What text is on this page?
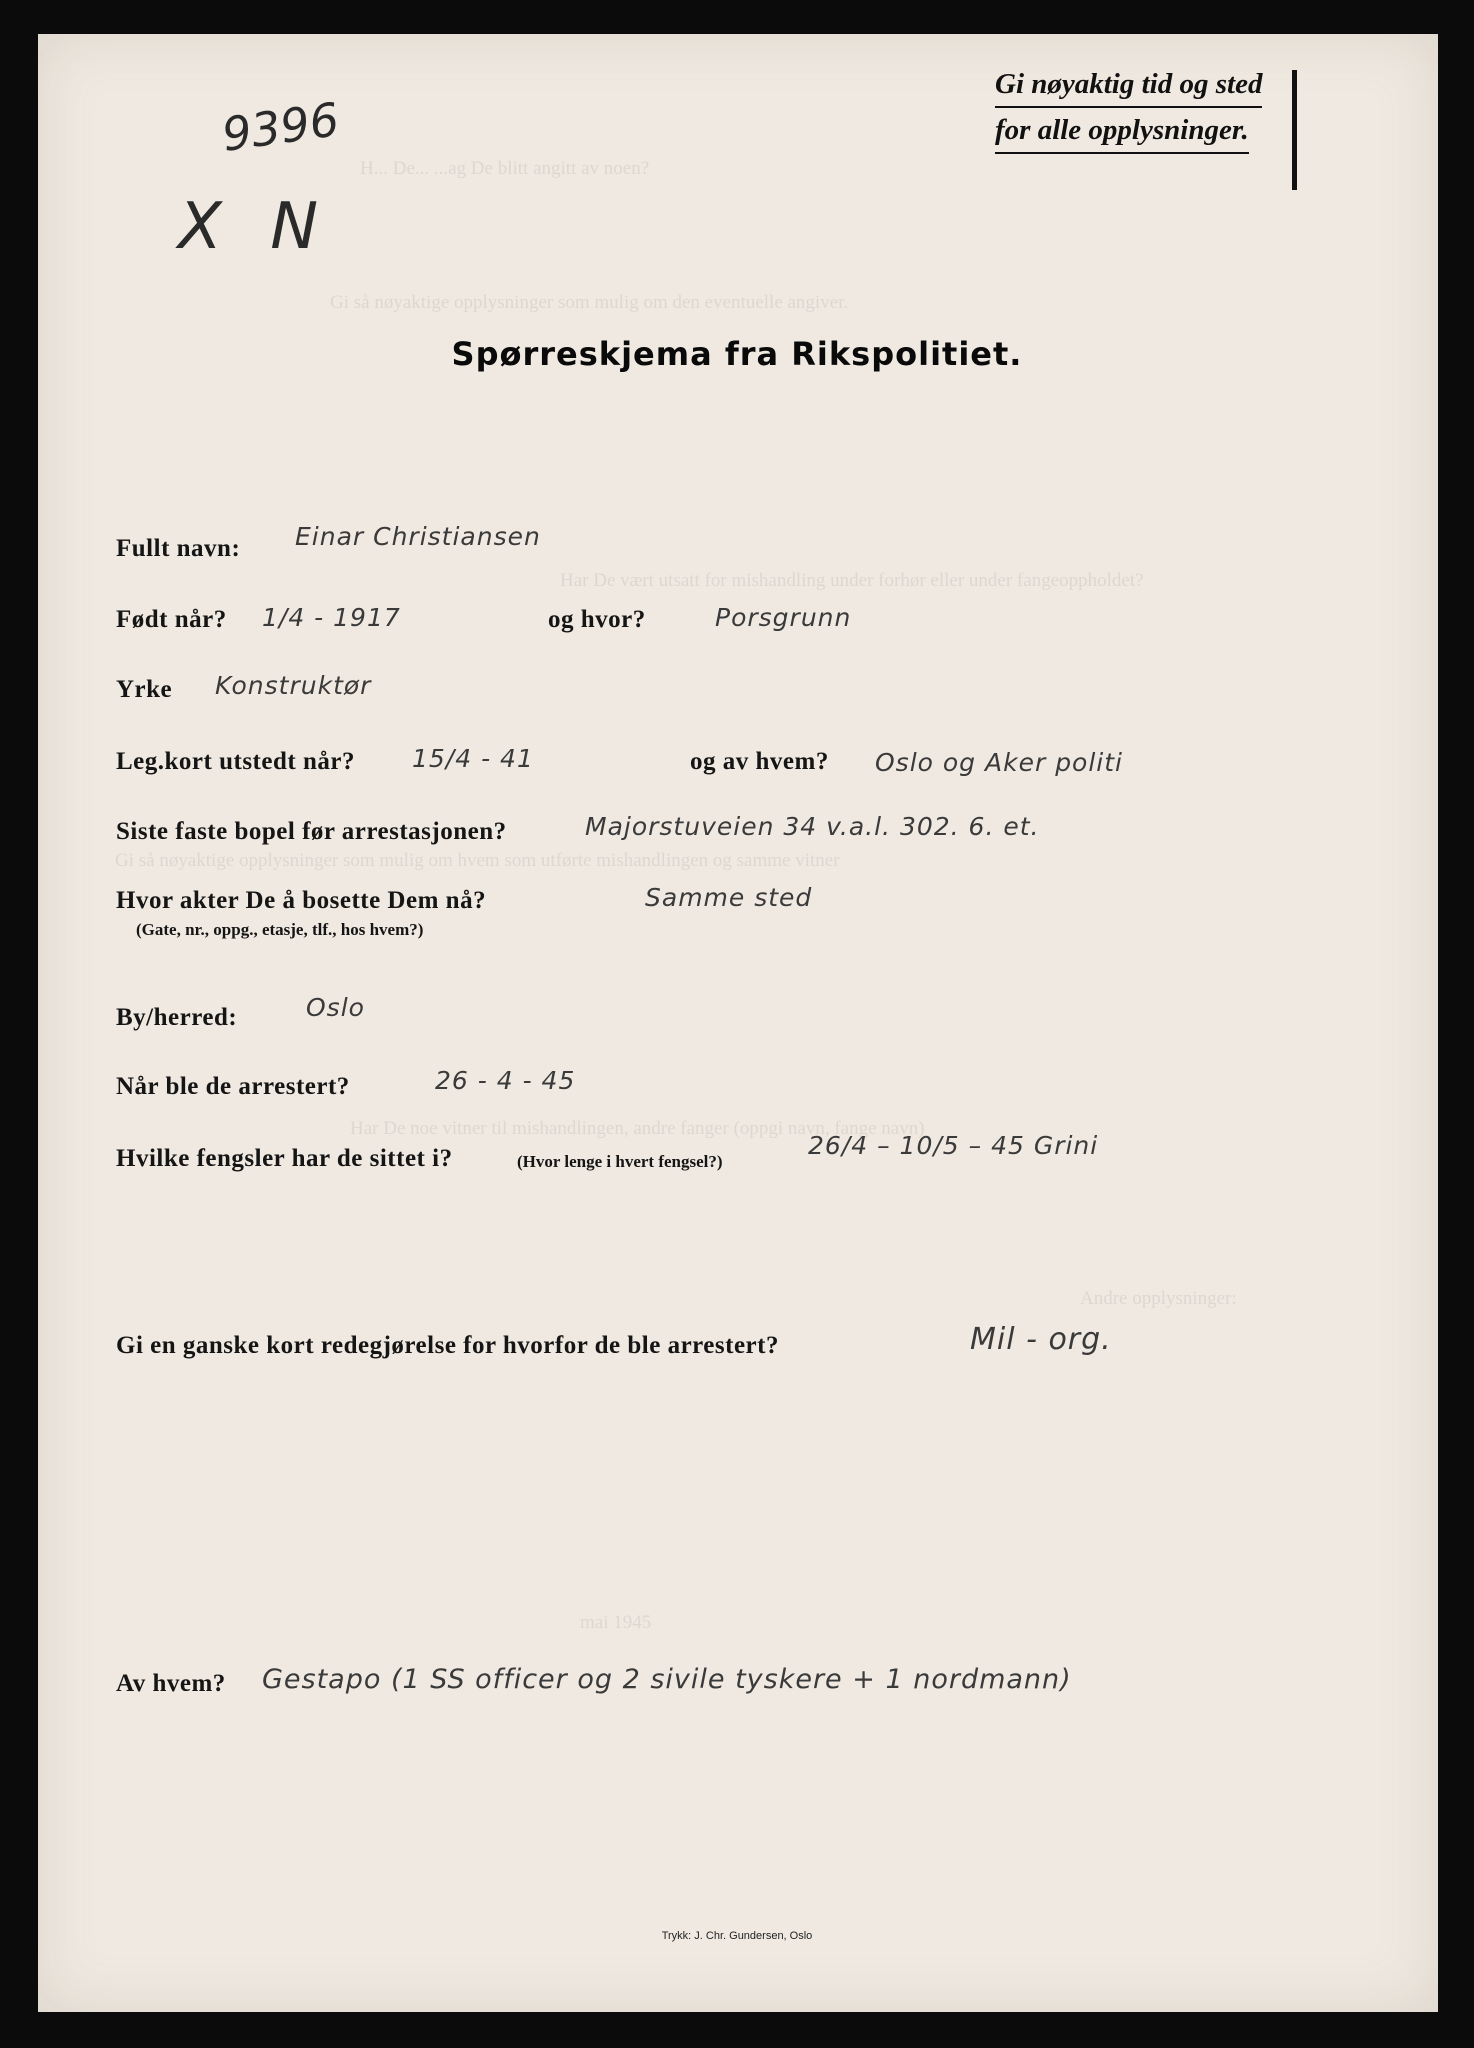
H... De... ...ag De blitt angitt av noen?
Gi så nøyaktige opplysninger som mulig om den eventuelle angiver.
Har De vært utsatt for mishandling under forhør eller under fangeoppholdet?
Gi så nøyaktige opplysninger som mulig om hvem som utførte mishandlingen og samme vitner
Har De noe vitner til mishandlingen, andre fanger (oppgi navn, fange navn)
Andre opplysninger:
mai 1945
9396
X N
Gi nøyaktig tid og sted
for alle opplysninger.
Spørreskjema fra Rikspolitiet.
Fullt navn: Einar Christiansen
Født når? 1/4 - 1917	og hvor?	Porsgrunn
Yrke Konstruktør
Leg.kort utstedt når? 15/4 - 41	og av hvem? Oslo og Aker politi
Siste faste bopel før arrestasjonen?	Majorstuveien 34 v.a.l. 302. 6. et.
Hvor akter De å bosette Dem nå?
(Gate, nr., oppg., etasje, tlf., hos hvem?)
Samme sted
By/herred:	Oslo
Når ble de arrestert?	26 - 4 - 45
Hvilke fengsler har de sittet i?	(Hvor lenge i hvert fengsel?)
26/4 – 10/5 – 45 Grini
Gi en ganske kort redegjørelse for hvorfor de ble arrestert?	Mil - org.
Av hvem? Gestapo (1 SS officer og 2 sivile tyskere + 1 nordmann)
Trykk: J. Chr. Gundersen, Oslo
